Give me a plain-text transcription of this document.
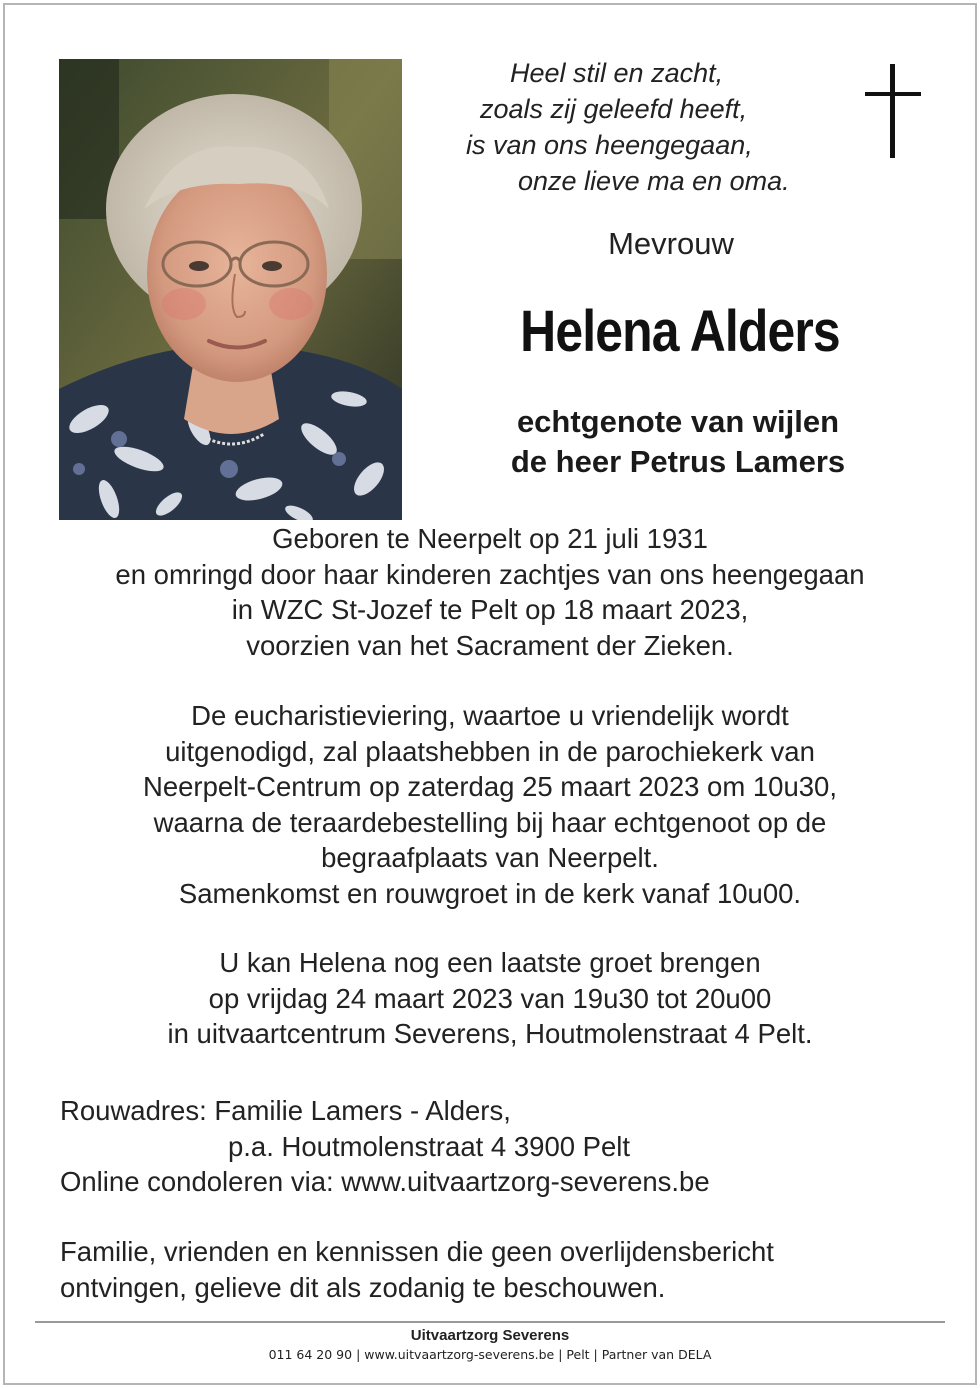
Heel stil en zacht,
zoals zij geleefd heeft,
is van ons heengegaan,
onze lieve ma en oma.
Mevrouw
Helena Alders
echtgenote van wijlen
de heer Petrus Lamers
Geboren te Neerpelt op 21 juli 1931
en omringd door haar kinderen zachtjes van ons heengegaan
in WZC St-Jozef te Pelt op 18 maart 2023,
voorzien van het Sacrament der Zieken.
De eucharistieviering, waartoe u vriendelijk wordt
uitgenodigd, zal plaatshebben in de parochiekerk van
Neerpelt-Centrum op zaterdag 25 maart 2023 om 10u30,
waarna de teraardebestelling bij haar echtgenoot op de
begraafplaats van Neerpelt.
Samenkomst en rouwgroet in de kerk vanaf 10u00.
U kan Helena nog een laatste groet brengen
op vrijdag 24 maart 2023 van 19u30 tot 20u00
in uitvaartcentrum Severens, Houtmolenstraat 4 Pelt.
Rouwadres: Familie Lamers - Alders,
p.a. Houtmolenstraat 4 3900 Pelt
Online condoleren via: www.uitvaartzorg-severens.be
Familie, vrienden en kennissen die geen overlijdensbericht
ontvingen, gelieve dit als zodanig te beschouwen.
Uitvaartzorg Severens
011 64 20 90 | www.uitvaartzorg-severens.be | Pelt | Partner van DELA
